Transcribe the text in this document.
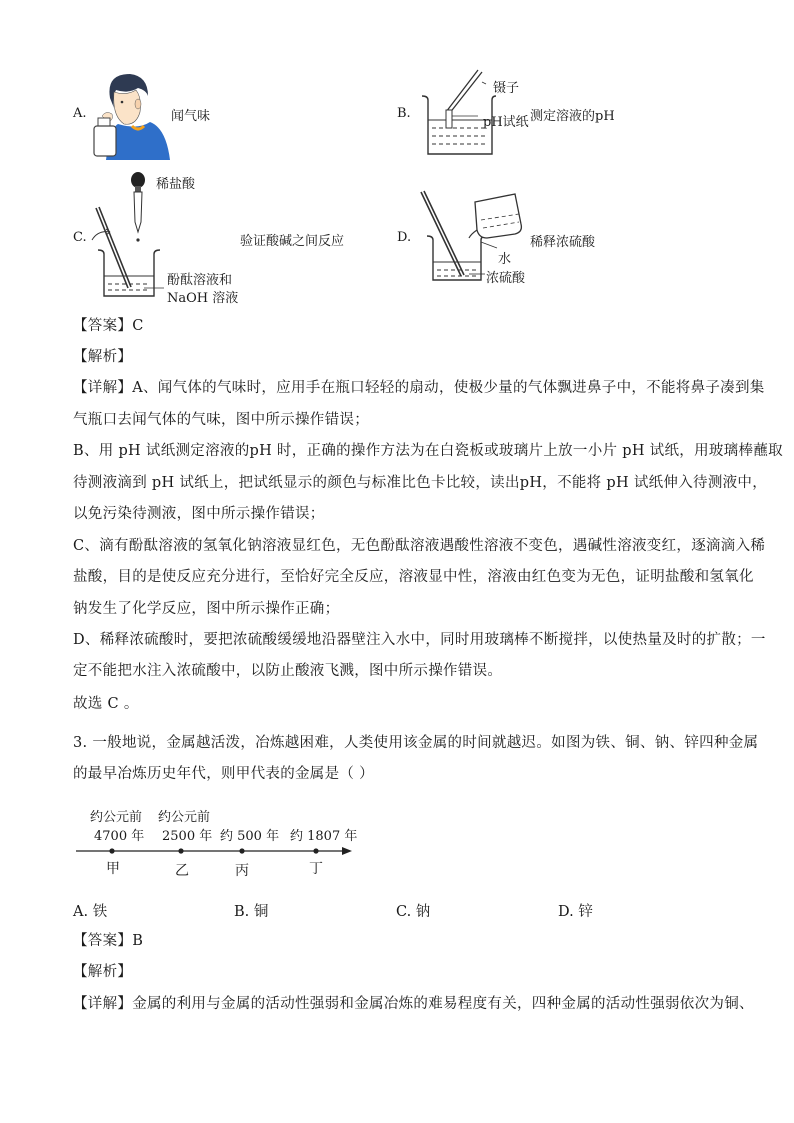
A.	闻气味	B.
镊子
pH试纸 测定溶液的pH
C.
稀盐酸
验证酸碱之间反应
酚酞溶液和
NaOH 溶液
D.	稀释浓硫酸
水
浓硫酸
【答案】C
【解析】
【详解】A、闻气体的气味时，应用手在瓶口轻轻的扇动，使极少量的气体飘进鼻子中，不能将鼻子凑到集
气瓶口去闻气体的气味，图中所示操作错误；
B、用 pH 试纸测定溶液的pH 时，正确的操作方法为在白瓷板或玻璃片上放一小片 pH 试纸，用玻璃棒蘸取
待测液滴到 pH 试纸上，把试纸显示的颜色与标准比色卡比较，读出pH，不能将 pH 试纸伸入待测液中，
以免污染待测液，图中所示操作错误；
C、滴有酚酞溶液的氢氧化钠溶液显红色，无色酚酞溶液遇酸性溶液不变色，遇碱性溶液变红，逐滴滴入稀
盐酸，目的是使反应充分进行，至恰好完全反应，溶液显中性，溶液由红色变为无色，证明盐酸和氢氧化
钠发生了化学反应，图中所示操作正确；
D、稀释浓硫酸时，要把浓硫酸缓缓地沿器壁注入水中，同时用玻璃棒不断搅拌，以使热量及时的扩散；一
定不能把水注入浓硫酸中，以防止酸液飞溅，图中所示操作错误。
故选 C 。
3. 一般地说，金属越活泼，冶炼越困难，人类使用该金属的时间就越迟。如图为铁、铜、钠、锌四种金属
的最早冶炼历史年代，则甲代表的金属是（ ）
约公元前 约公元前
4700 年 2500 年 约 500 年 约 1807 年
甲	乙	丙	丁
A. 铁	B. 铜	C. 钠	D. 锌
【答案】B
【解析】
【详解】金属的利用与金属的活动性强弱和金属冶炼的难易程度有关，四种金属的活动性强弱依次为铜、
